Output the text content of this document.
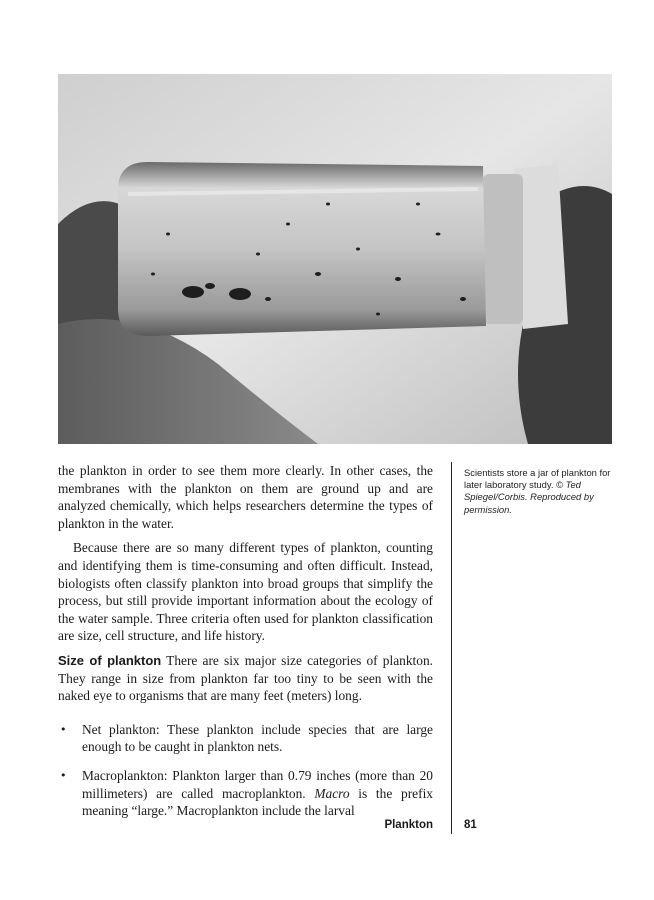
the plankton in order to see them more clearly. In other cases, the membranes with the plankton on them are ground up and are analyzed chemically, which helps researchers determine the types of plankton in the water.

Because there are so many different types of plankton, counting and identifying them is time-consuming and often difficult. Instead, biologists often classify plankton into broad groups that simplify the process, but still provide important information about the ecology of the water sample. Three criteria often used for plankton classification are size, cell structure, and life history.

Size of plankton There are six major size categories of plankton. They range in size from plankton far too tiny to be seen with the naked eye to organisms that are many feet (meters) long.

• Net plankton: These plankton include species that are large enough to be caught in plankton nets.
• Macroplankton: Plankton larger than 0.79 inches (more than 20 millimeters) are called macroplankton. Macro is the prefix meaning “large.” Macroplankton include the larval
Scientists store a jar of plankton for later laboratory study. © Ted Spiegel/Corbis. Reproduced by permission.
Plankton	81
